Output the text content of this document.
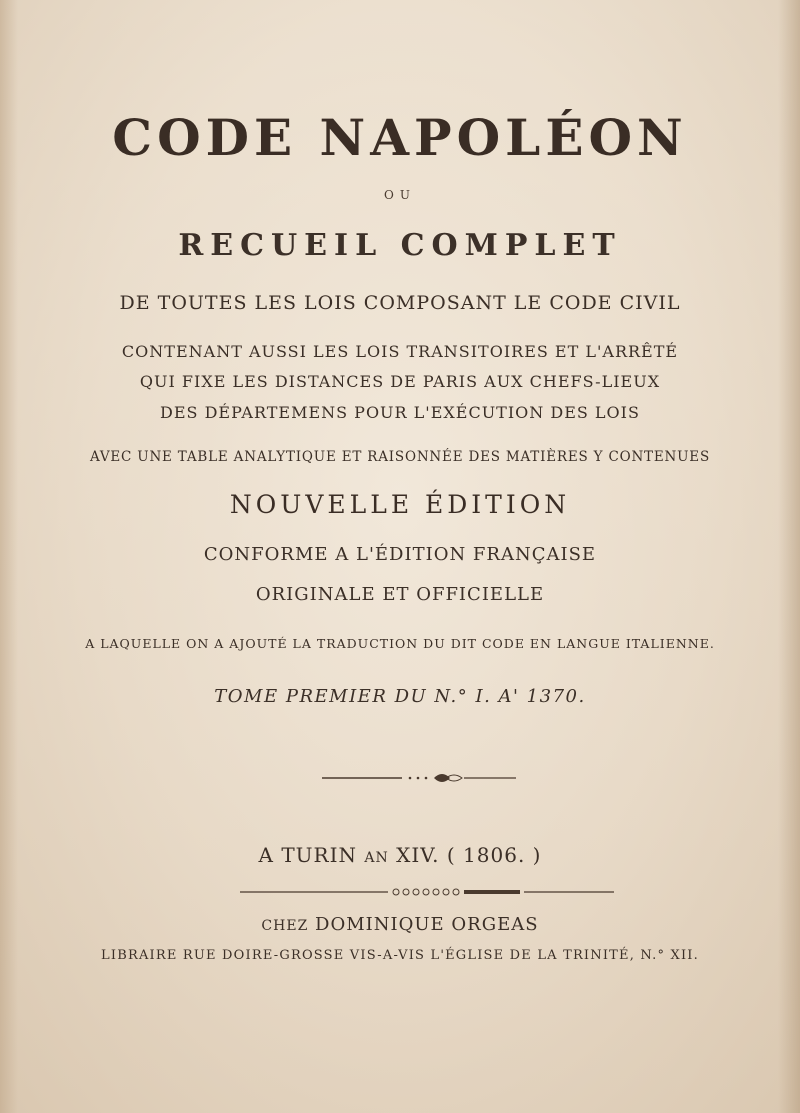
CODE NAPOLÉON
OU
RECUEIL COMPLET
DE TOUTES LES LOIS COMPOSANT LE CODE CIVIL
CONTENANT AUSSI LES LOIS TRANSITOIRES ET L'ARRÊTÉ
QUI FIXE LES DISTANCES DE PARIS AUX CHEFS-LIEUX
DES DÉPARTEMENS POUR L'EXÉCUTION DES LOIS
AVEC UNE TABLE ANALYTIQUE ET RAISONNÉE DES MATIÈRES Y CONTENUES
NOUVELLE ÉDITION
CONFORME A L'ÉDITION FRANÇAISE
ORIGINALE ET OFFICIELLE
A LAQUELLE ON A AJOUTÉ LA TRADUCTION DU DIT CODE EN LANGUE ITALIENNE.
TOME PREMIER DU N.° I. A' 1370.
A TURIN AN XIV. ( 1806. )
CHEZ DOMINIQUE ORGEAS
LIBRAIRE RUE DOIRE-GROSSE VIS-A-VIS L'ÉGLISE DE LA TRINITÉ, N.° XII.
